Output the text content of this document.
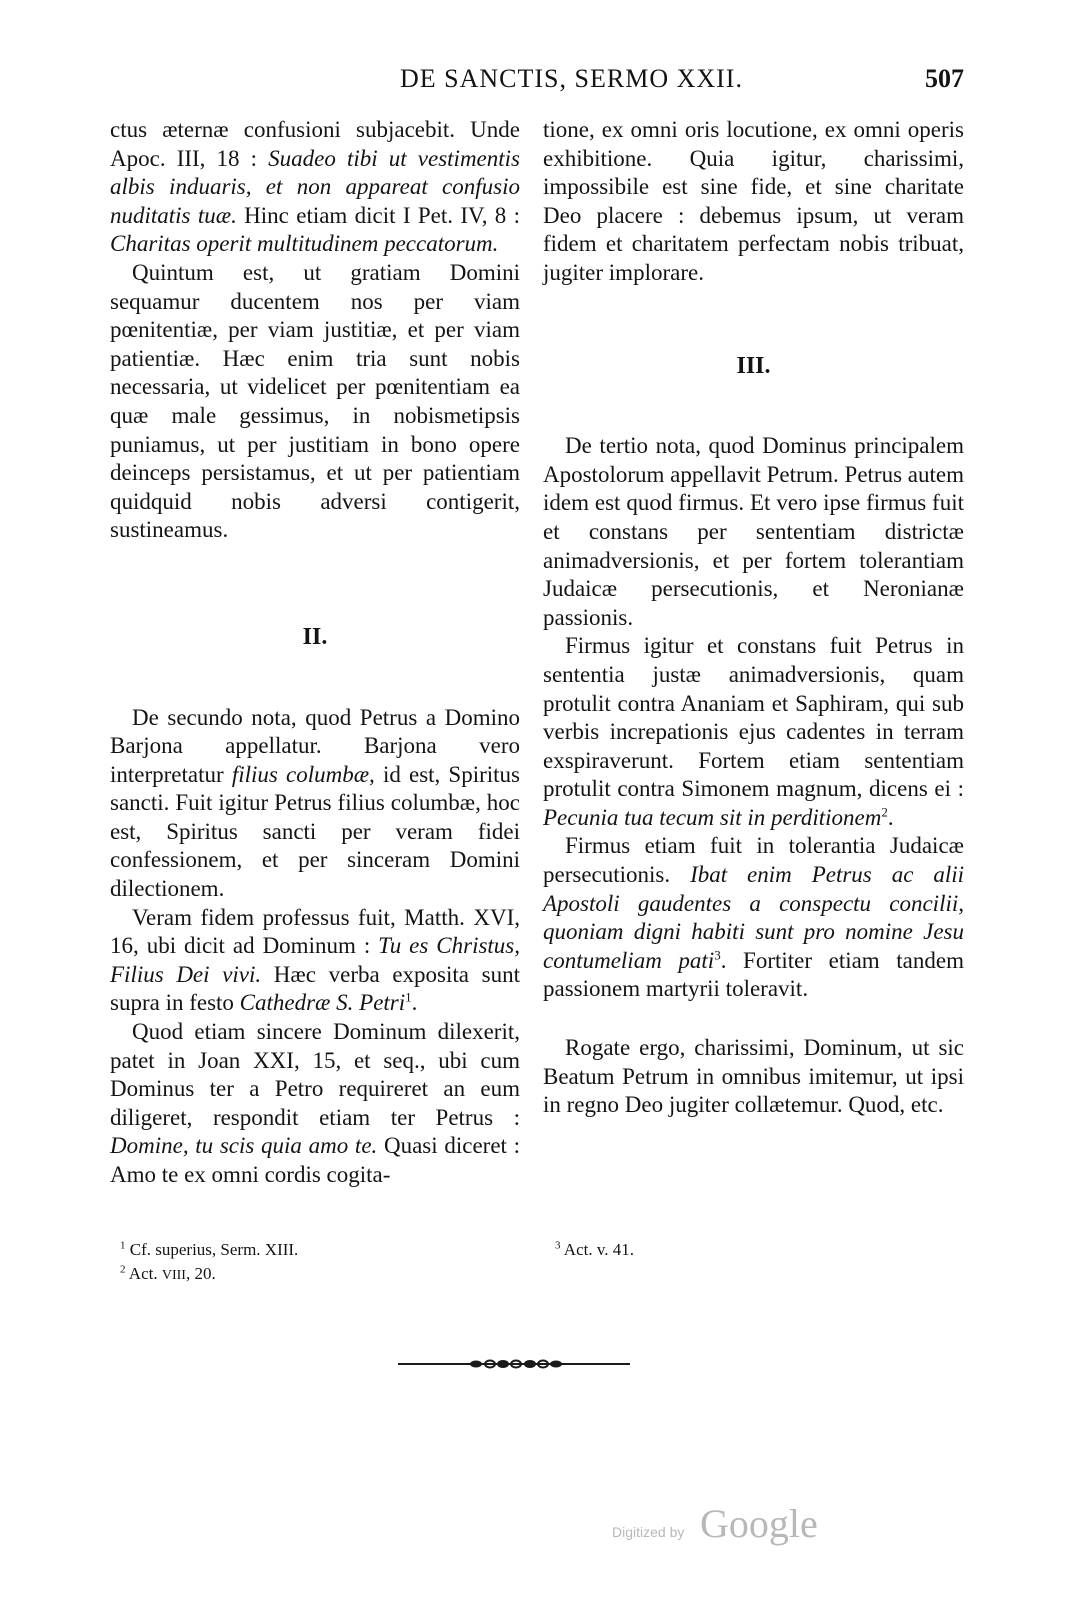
DE SANCTIS, SERMO XXII.	507

ctus æternæ confusioni subjacebit. Unde Apoc. III, 18 : Suadeo tibi ut vestimentis albis induaris, et non appareat confusio nuditatis tuæ. Hinc etiam dicit I Pet. IV, 8 : Charitas operit multitudinem peccatorum.

Quintum est, ut gratiam Domini sequamur ducentem nos per viam pœnitentiæ, per viam justitiæ, et per viam patientiæ. Hæc enim tria sunt nobis necessaria, ut videlicet per pœnitentiam ea quæ male gessimus, in nobismetipsis puniamus, ut per justitiam in bono opere deinceps persistamus, et ut per patientiam quidquid nobis adversi contigerit, sustineamus.

II.

De secundo nota, quod Petrus a Domino Barjona appellatur. Barjona vero interpretatur filius columbæ, id est, Spiritus sancti. Fuit igitur Petrus filius columbæ, hoc est, Spiritus sancti per veram fidei confessionem, et per sinceram Domini dilectionem.

Veram fidem professus fuit, Matth. XVI, 16, ubi dicit ad Dominum : Tu es Christus, Filius Dei vivi. Hæc verba exposita sunt supra in festo Cathedræ S. Petri$^1$.

Quod etiam sincere Dominum dilexerit, patet in Joan XXI, 15, et seq., ubi cum Dominus ter a Petro requireret an eum diligeret, respondit etiam ter Petrus : Domine, tu scis quia amo te. Quasi diceret : Amo te ex omni cordis cogita-

tione, ex omni oris locutione, ex omni operis exhibitione. Quia igitur, charissimi, impossibile est sine fide, et sine charitate Deo placere : debemus ipsum, ut veram fidem et charitatem perfectam nobis tribuat, jugiter implorare.

III.

De tertio nota, quod Dominus principalem Apostolorum appellavit Petrum. Petrus autem idem est quod firmus. Et vero ipse firmus fuit et constans per sententiam districtæ animadversionis, et per fortem tolerantiam Judaicæ persecutionis, et Neronianæ passionis.

Firmus igitur et constans fuit Petrus in sententia justæ animadversionis, quam protulit contra Ananiam et Saphiram, qui sub verbis increpationis ejus cadentes in terram exspiraverunt. Fortem etiam sententiam protulit contra Simonem magnum, dicens ei : Pecunia tua tecum sit in perditionem$^2$.

Firmus etiam fuit in tolerantia Judaicæ persecutionis. Ibat enim Petrus ac alii Apostoli gaudentes a conspectu concilii, quoniam digni habiti sunt pro nomine Jesu contumeliam pati$^3$. Fortiter etiam tandem passionem martyrii toleravit.

Rogate ergo, charissimi, Dominum, ut sic Beatum Petrum in omnibus imitemur, ut ipsi in regno Deo jugiter collætemur. Quod, etc.

$^1$ Cf. superius, Serm. XIII.
$^2$ Act. VIII, 20.
$^3$ Act. v. 41.
Digitized by Google
